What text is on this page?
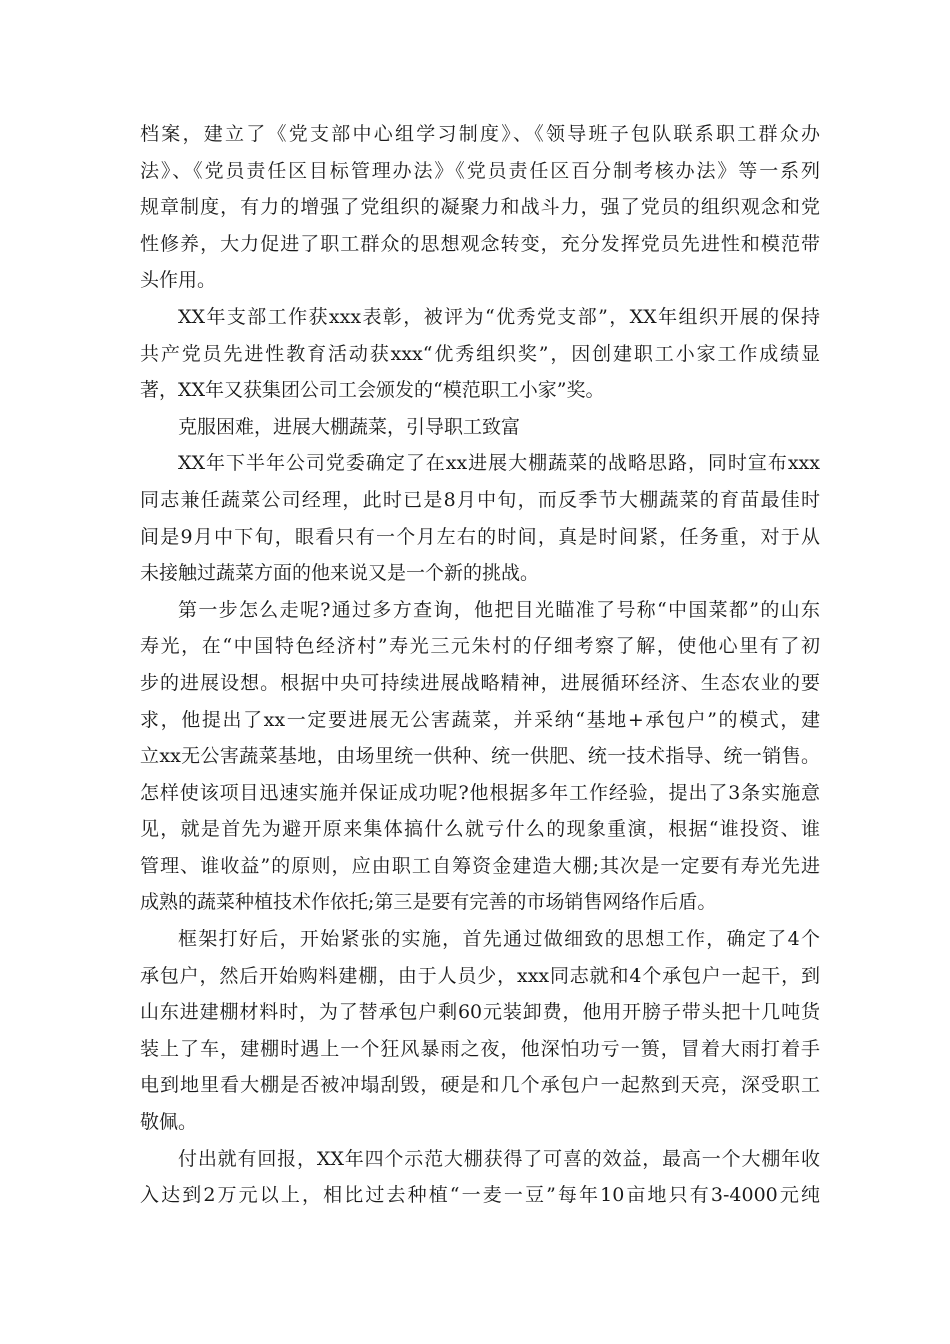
档案，建立了《党支部中心组学习制度》、《领导班子包队联系职工群众办
法》、《党员责任区目标管理办法》《党员责任区百分制考核办法》等一系列
规章制度，有力的增强了党组织的凝聚力和战斗力，强了党员的组织观念和党
性修养，大力促进了职工群众的思想观念转变，充分发挥党员先进性和模范带
头作用。
XX年支部工作获xxx表彰，被评为“优秀党支部”，XX年组织开展的保持
共产党员先进性教育活动获xxx“优秀组织奖”，因创建职工小家工作成绩显
著，XX年又获集团公司工会颁发的“模范职工小家”奖。
克服困难，进展大棚蔬菜，引导职工致富
XX年下半年公司党委确定了在xx进展大棚蔬菜的战略思路，同时宣布xxx
同志兼任蔬菜公司经理，此时已是8月中旬，而反季节大棚蔬菜的育苗最佳时
间是9月中下旬，眼看只有一个月左右的时间，真是时间紧，任务重，对于从
未接触过蔬菜方面的他来说又是一个新的挑战。
第一步怎么走呢?通过多方查询，他把目光瞄准了号称“中国菜都”的山东
寿光，在“中国特色经济村”寿光三元朱村的仔细考察了解，使他心里有了初
步的进展设想。根据中央可持续进展战略精神，进展循环经济、生态农业的要
求，他提出了xx一定要进展无公害蔬菜，并采纳“基地+承包户”的模式，建
立xx无公害蔬菜基地，由场里统一供种、统一供肥、统一技术指导、统一销售。
怎样使该项目迅速实施并保证成功呢?他根据多年工作经验，提出了3条实施意
见，就是首先为避开原来集体搞什么就亏什么的现象重演，根据“谁投资、谁
管理、谁收益”的原则，应由职工自筹资金建造大棚;其次是一定要有寿光先进
成熟的蔬菜种植技术作依托;第三是要有完善的市场销售网络作后盾。
框架打好后，开始紧张的实施，首先通过做细致的思想工作，确定了4个
承包户，然后开始购料建棚，由于人员少，xxx同志就和4个承包户一起干，到
山东进建棚材料时，为了替承包户剩60元装卸费，他用开膀子带头把十几吨货
装上了车，建棚时遇上一个狂风暴雨之夜，他深怕功亏一篑，冒着大雨打着手
电到地里看大棚是否被冲塌刮毁，硬是和几个承包户一起熬到天亮，深受职工
敬佩。
付出就有回报，XX年四个示范大棚获得了可喜的效益，最高一个大棚年收
入达到2万元以上，相比过去种植“一麦一豆”每年10亩地只有3-4000元纯
